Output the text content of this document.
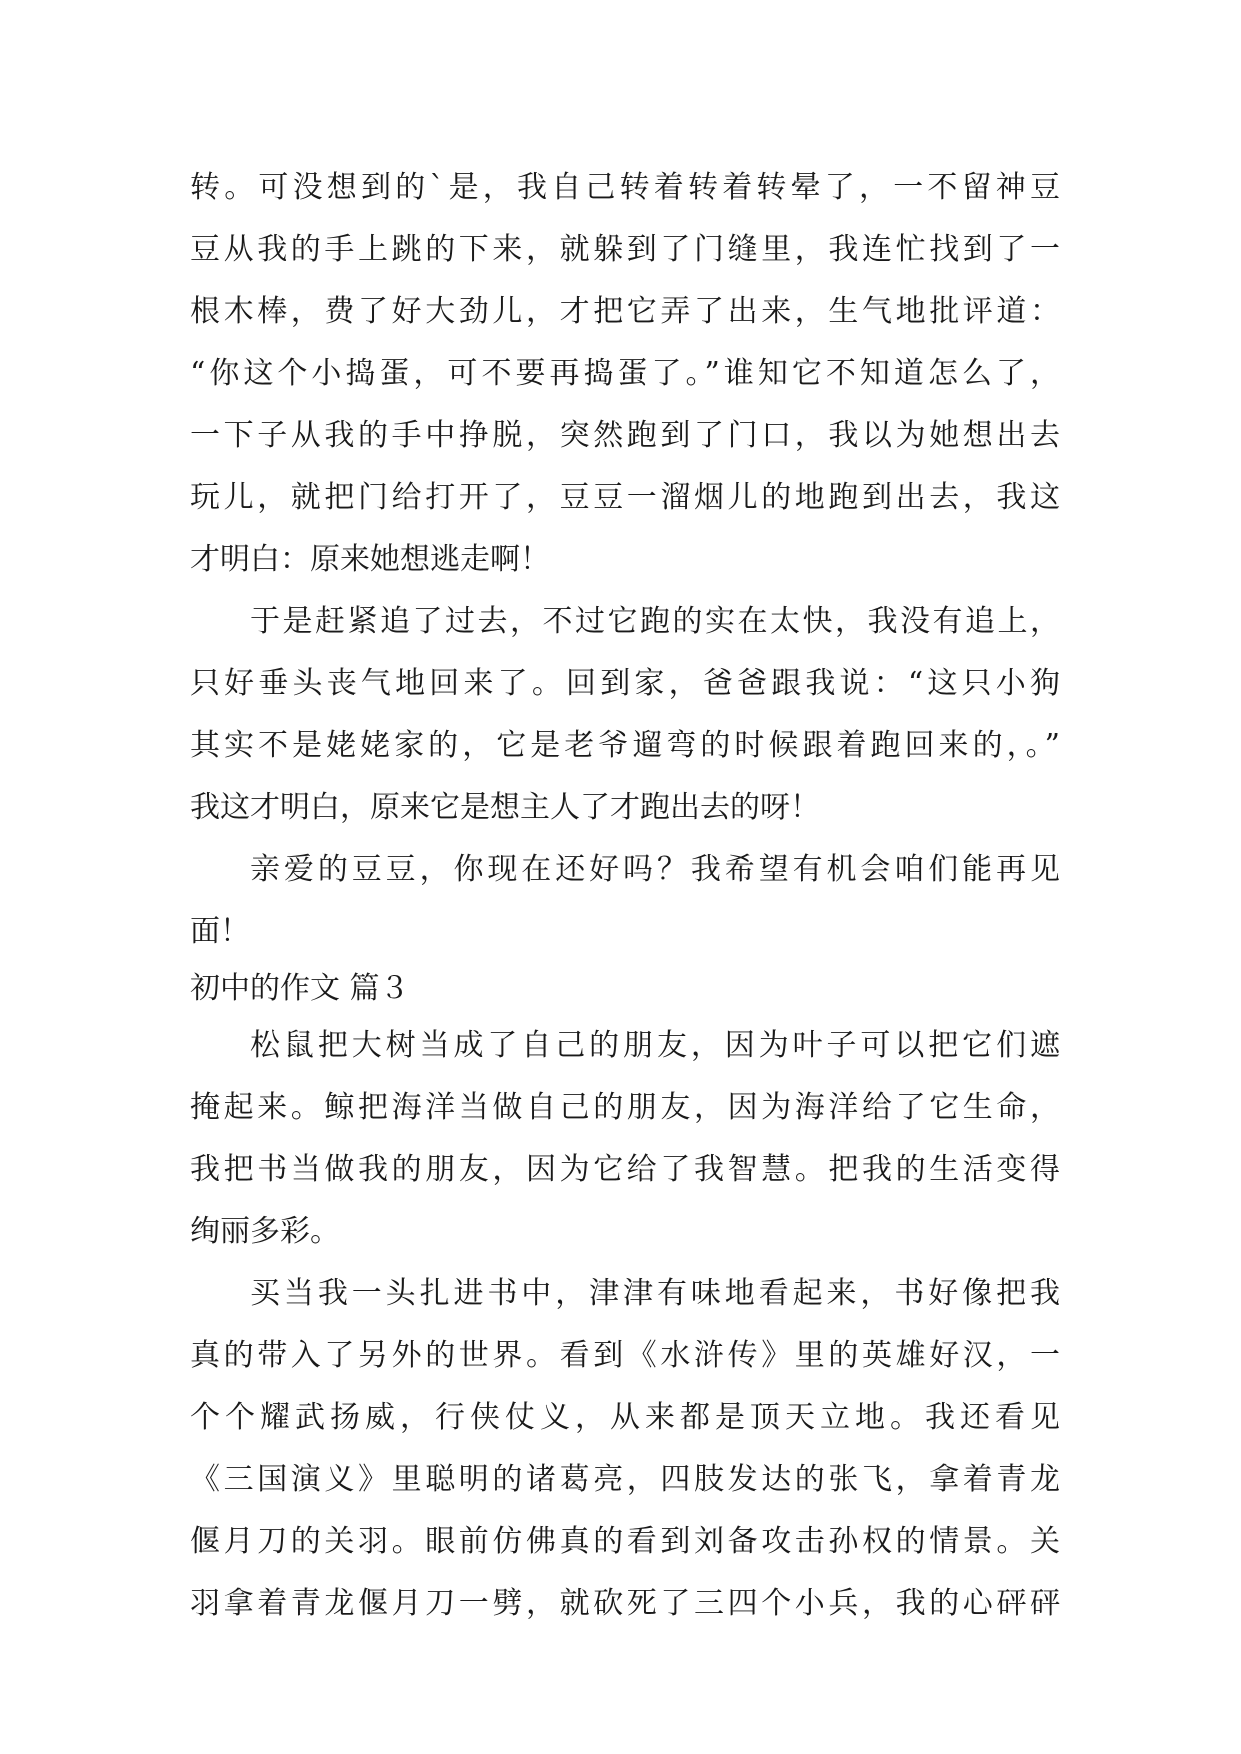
转。可没想到的`是，我自己转着转着转晕了，一不留神豆
豆从我的手上跳的下来，就躲到了门缝里，我连忙找到了一
根木棒，费了好大劲儿，才把它弄了出来，生气地批评道：
“你这个小捣蛋，可不要再捣蛋了。”谁知它不知道怎么了，
一下子从我的手中挣脱，突然跑到了门口，我以为她想出去
玩儿，就把门给打开了，豆豆一溜烟儿的地跑到出去，我这
才明白：原来她想逃走啊！
于是赶紧追了过去，不过它跑的实在太快，我没有追上，
只好垂头丧气地回来了。回到家，爸爸跟我说：“这只小狗
其实不是姥姥家的，它是老爷遛弯的时候跟着跑回来的，。”
我这才明白，原来它是想主人了才跑出去的呀！
亲爱的豆豆，你现在还好吗？我希望有机会咱们能再见
面！
初中的作文 篇３
松鼠把大树当成了自己的朋友，因为叶子可以把它们遮
掩起来。鲸把海洋当做自己的朋友，因为海洋给了它生命，
我把书当做我的朋友，因为它给了我智慧。把我的生活变得
绚丽多彩。
买当我一头扎进书中，津津有味地看起来，书好像把我
真的带入了另外的世界。看到《水浒传》里的英雄好汉，一
个个耀武扬威，行侠仗义，从来都是顶天立地。我还看见
《三国演义》里聪明的诸葛亮，四肢发达的张飞，拿着青龙
偃月刀的关羽。眼前仿佛真的看到刘备攻击孙权的情景。关
羽拿着青龙偃月刀一劈，就砍死了三四个小兵，我的心砰砰
